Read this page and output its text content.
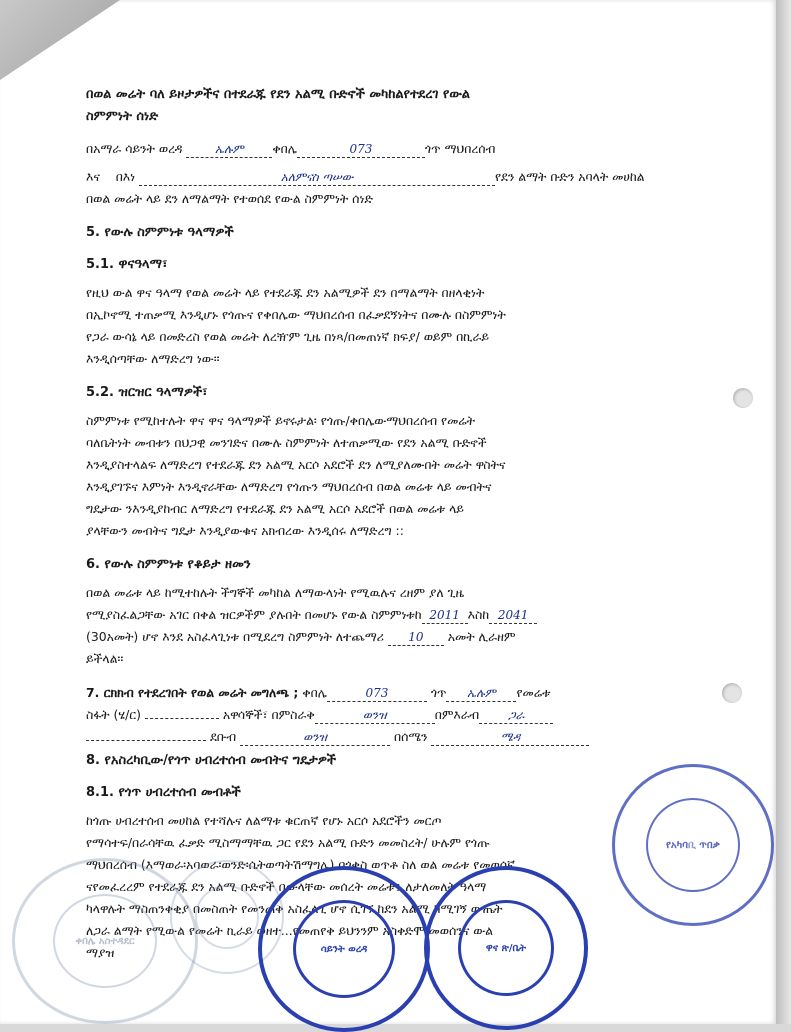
በወል መሬት ባለ ይዞታዎችና በተደራጁ የደን አልሚ ቡድኖች መካከልየተደረገ የውል
ስምምነት ሰነድ

በአማራ ሳይንት ወረዳ	ኤሉም ቀበሌ	073	ጎጥ ማህበረሰብ
እና በእነ	አለምናስ ጣሠው	የደን ልማት ቡድን አባላት መሀከል
በወል መሬት ላይ ደን ለማልማት የተወሰደ የውል ስምምነት ሰነድ

5. የውሉ ስምምነቱ ዓላማዎች

5.1. ዋናዓላማ፣

የዚህ ውል ዋና ዓላማ የወል መሬት ላይ የተደራጁ ደን አልሚዎች ደን በማልማት በዘላቂነት
በኢኮኖሚ ተጠቃሚ እንዲሆኑ የጎጡና የቀበሌው ማህበረሰብ በፈቃደኝነትና በሙሉ በስምምነት
የጋራ ውሳኔ ላይ በመድረስ የወል መሬት ለረዥም ጊዜ በነጻ/በመጠነኛ ክፍያ/ ወይም በኪራይ
እንዲሰጣቸው ለማድረግ ነው፡፡

5.2. ዝርዝር ዓላማዎች፣

ስምምነቱ የሚከተሉት ዋና ዋና ዓላማዎች ይኖሩታል፡ የጎጡ/ቀበሌውማህበረሰብ የመሬት
ባለቤትነት መብቱን በህጋዊ መንገድና በሙሉ ስምምነት ለተጠቃሚው የደን አልሚ ቡድኖች
እንዲያስተላልፍ ለማድረግ የተደራጁ ደን አልሚ አርሶ አደሮች ደን ለሚያለሙበት መሬት ዋስትና
እንዲያገኙና እምነት እንዲኖራቸው ለማድረግ የጎጡን ማህበረሰብ በወል መሬቱ ላይ መብትና
ግዴታው ንእንዲያከብር ለማድረግ የተደራጁ ደን አልሚ አርሶ አደሮች በወል መሬቱ ላይ
ያላቸውን መብትና ግዴታ እንዲያውቁና አክብረው እንዲሰሩ ለማድረግ ::

6. የውሉ ስምምነቱ የቆይታ ዘመን

በወል መሬቱ ላይ ከሚተከሉት ችግኞች መካከል ለማውላነት የሚዉሉና ረዘም ያለ ጊዜ
የሚያስፈልጋቸው አገር በቀል ዝርዎችም ያሉበት በመሆኑ የውል ስምምነቱከ 2011 እስከ 2041
(30አመት) ሆኖ እንደ አስፈላጊነቱ በሚደረግ ስምምነት ለተጨማሪ 10 አመት ሊራዘም
ይችላል፡፡
7. ርክክብ የተደረገበት የወል መሬት መግለጫ ; ቀበሌ	073	ጎጥ ኤሉም የመሬቱ
ስፋት (ሄ/ር)	አዋሳኞች፣ በምስራቅ	ወንዝ	በምእራብ ጋራ
ደቡብ	ወንዝ	በሰሜን	ሜዳ

8. የአስረካቢው/የጎጥ ሀብረተሰብ መብትና ግዴታዎች

8.1. የጎጥ ሀብረተሰብ መብቶች

ከጎጡ ሀብረተሰብ መሀከል የተሻሉና ለልማቱ ቁርጠኛ የሆኑ አርሶ አደሮችን መርጦ
የማሳተፍ/በራሳቸዉ ፈቃድ ሚስማማቸዉ ጋር የደን አልሚ ቡድን መመስረት/ ሁሉም የጎጡ
ማህበረሰብ (እማወራ፡አባወራ፡ወንድ፡ሴትወጣትሽማግሌ) በጎቂስ ወጥቶ ስለ ወል መሬቱ የመወሰኛ
ናየመፈረረም የተደራጁ ደን አልሚ ቡድኖች በውላቸው መሰረት መሬቱን ለታለመለት ዓላማ
ካላዋሉት ማስጠንቀቂያ በመስጠት የመንጠቅ አስፈላጊ ሆኖ ሲገኝ ከደን አልሚ ከሚገኝ ውጤት
ለጋራ ልማት የሚውል የመሬት ኪራይ ወዘተ...የመጠየቅ ይህንንም አስቀድሞ መወሰንና ውል
ማያዝ
ቀበሌ አስተዳደር
ሳይንት ወረዳ	ዋና ጽ/ቤት
የአካባቢ ጥበቃ
